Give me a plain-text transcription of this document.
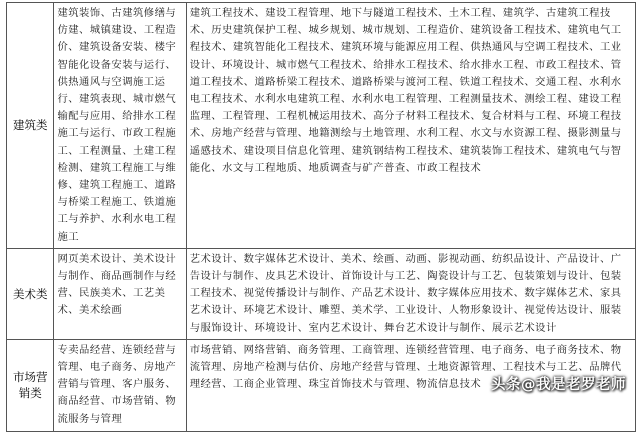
建筑类	建筑装饰、古建筑修缮与仿建、城镇建设、工程造价、建筑设备安装、楼宇智能化设备安装与运行、供热通风与空调施工运行、建筑表现、城市燃气输配与应用、给排水工程施工与运行、市政工程施工、工程测量、土建工程检测、建筑工程施工与维修、建筑工程施工、道路与桥梁工程施工、铁道施工与养护、水利水电工程施工	建筑工程技术、建设工程管理、地下与隧道工程技术、土木工程、建筑学、古建筑工程技术、历史建筑保护工程、城乡规划、城市规划、工程造价、建筑设备工程技术、建筑电气工程技术、建筑智能化工程技术、建筑环境与能源应用工程、供热通风与空调工程技术、工业设计、环境设计、城市燃气工程技术、给排水工程技术、给水排水工程、市政工程技术、管道工程技术、道路桥梁工程技术、道路桥梁与渡河工程、铁道工程技术、交通工程、水利水电工程技术、水利水电建筑工程、水利水电工程管理、工程测量技术、测绘工程、建设工程监理、工程管理、工程机械运用技术、高分子材料工程技术、复合材料与工程、环境工程技术、房地产经营与管理、地籍测绘与土地管理、水利工程、水文与水资源工程、摄影测量与遥感技术、建设项目信息化管理、建筑钢结构工程技术、建筑装饰工程技术、建筑电气与智能化、水文与工程地质、地质调查与矿产普查、市政工程技术

美术类	网页美术设计、美术设计与制作、商品画制作与经营、民族美术、工艺美术、美术绘画	艺术设计、数字媒体艺术设计、美术、绘画、动画、影视动画、纺织品设计、产品设计、广告设计与制作、皮具艺术设计、首饰设计与工艺、陶瓷设计与工艺、包装策划与设计、包装工程技术、视觉传播设计与制作、产品艺术设计、数字媒体应用技术、数字媒体艺术、家具艺术设计、环境艺术设计、雕塑、美术学、工业设计、人物形象设计、视觉传达设计、服装与服饰设计、环境设计、室内艺术设计、舞台艺术设计与制作、展示艺术设计

市场营销类	专卖品经营、连锁经营与管理、电子商务、房地产营销与管理、客户服务、商品经营、市场营销、物流服务与管理	市场营销、网络营销、商务管理、工商管理、连锁经营管理、电子商务、电子商务技术、物流管理、房地产检测与估价、房地产经营与管理、土地资源管理、工程技术与工艺、品牌代理经营、工商企业管理、珠宝首饰技术与管理、物流信息技术 头条@我是老罗老师
